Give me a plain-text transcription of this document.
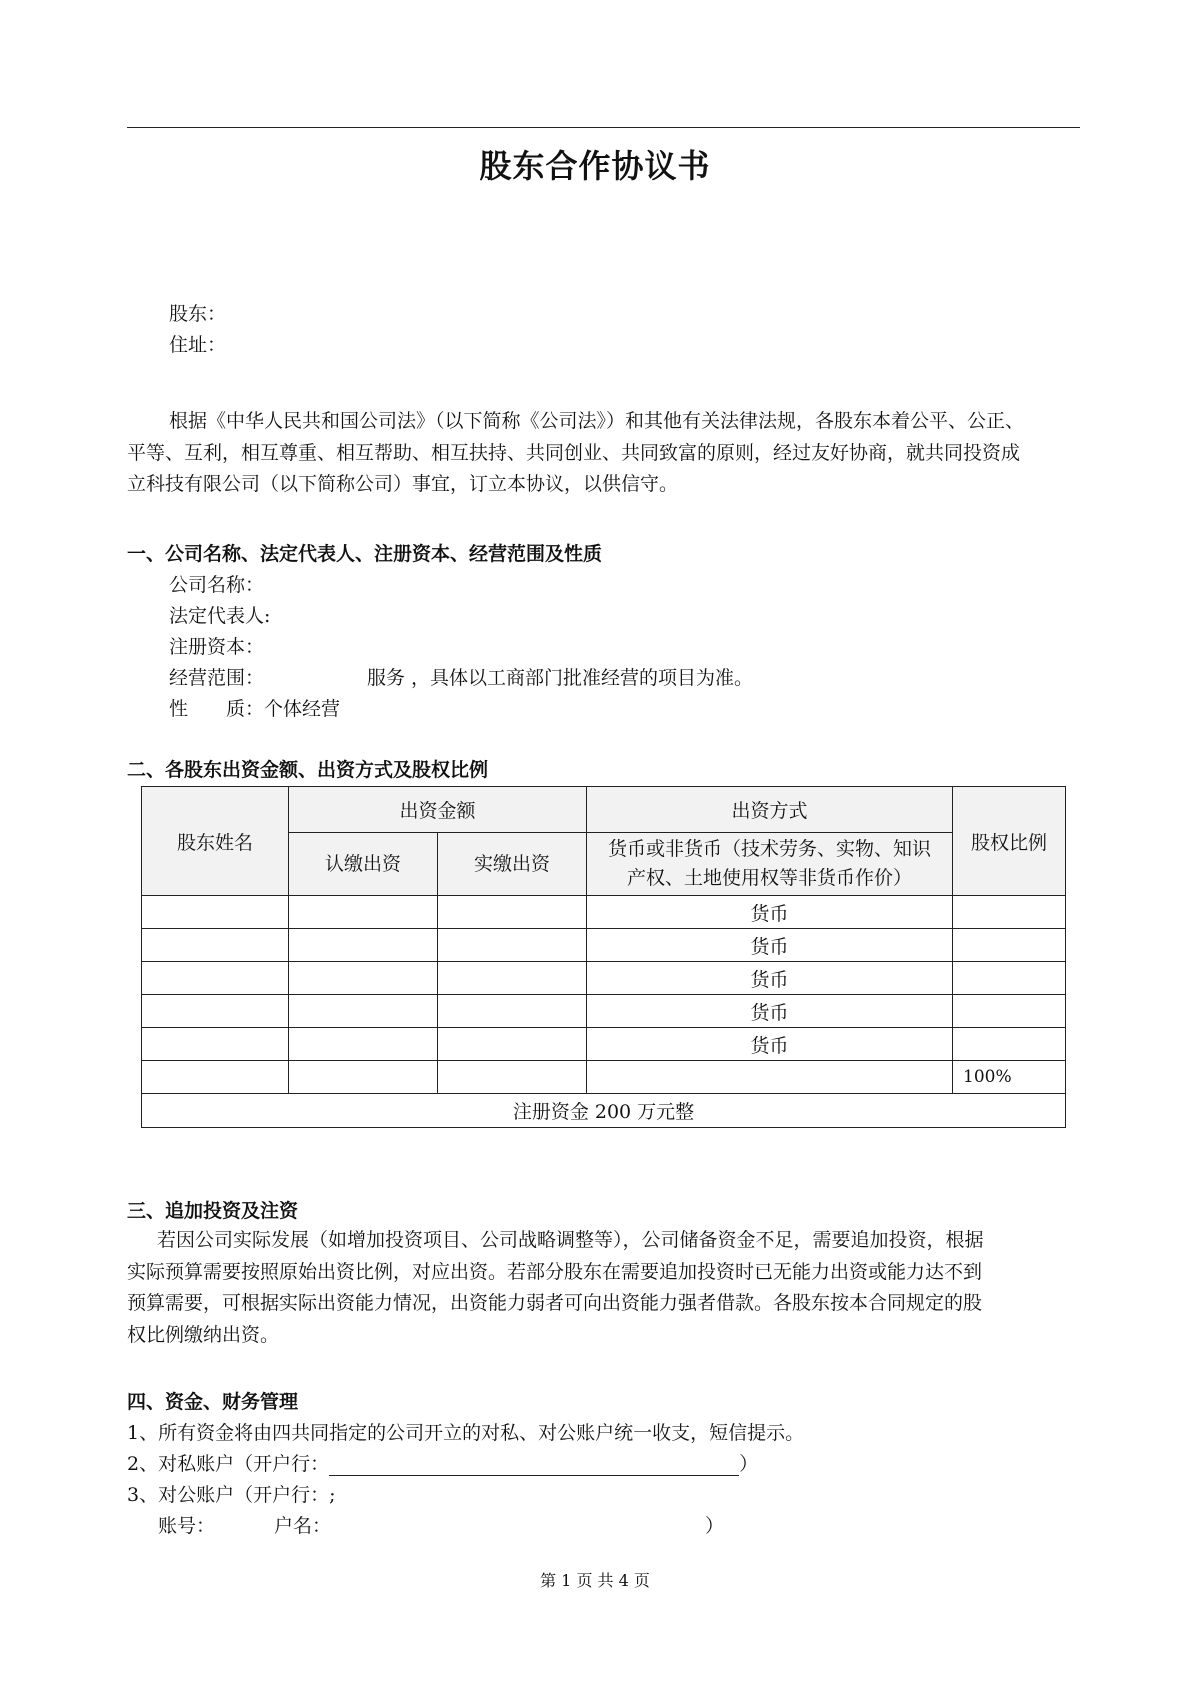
股东合作协议书
股东：
住址：
根据《中华人民共和国公司法》（以下简称《公司法》）和其他有关法律法规，各股东本着公平、公正、
平等、互利，相互尊重、相互帮助、相互扶持、共同创业、共同致富的原则，经过友好协商，就共同投资成
立科技有限公司（以下简称公司）事宜，订立本协议，以供信守。
一、公司名称、法定代表人、注册资本、经营范围及性质
公司名称：
法定代表人:
注册资本：
经营范围：	服务 ，具体以工商部门批准经营的项目为准。
性　　质：个体经营
二、各股东出资金额、出资方式及股权比例
股东姓名	出资金额		出资方式	股权比例
	认缴出资	实缴出资	货币或非货币（技术劳务、实物、知识
产权、土地使用权等非货币作价）	

			货币	
			货币	
			货币	
			货币	
			货币	
				100%
注册资金 200 万元整				
三、追加投资及注资
若因公司实际发展（如增加投资项目、公司战略调整等），公司储备资金不足，需要追加投资，根据
实际预算需要按照原始出资比例，对应出资。若部分股东在需要追加投资时已无能力出资或能力达不到
预算需要，可根据实际出资能力情况，出资能力弱者可向出资能力强者借款。各股东按本合同规定的股
权比例缴纳出资。
四、资金、财务管理
1、所有资金将由四共同指定的公司开立的对私、对公账户统一收支，短信提示。
2、对私账户（开户行：	）
3、对公账户（开户行：;
账号：	户名：	）
第 1 页 共 4 页
